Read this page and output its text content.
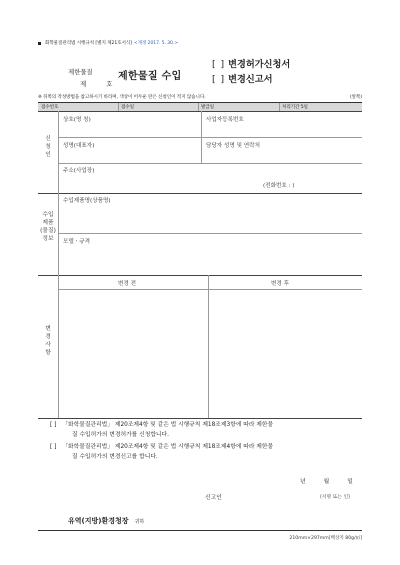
화학물질관리법 시행규칙 [별지 제21호서식] <개정 2017. 5. 30.>
제한물질
제 호
제한물질 수입
[ ] 변경허가신청서
[ ] 변경신고서
※ 뒤쪽의 작성방법을 참고하시기 바라며, 색상이 어두운 란은 신청인이 적지 않습니다.	(앞쪽)
접수번호	접수일	발급일	처리기간 5일
신
청
인
상호(명 칭)	사업자등록번호
성명(대표자)	담당자 성명 및 연락처
주소(사업장)
(전화번호 : )
수입
제품
(물질)
정보
수입제품명(상품명)
모델ㆍ규격
변
경
사
항
변경 전	변경 후
[ ] 「화학물질관리법」 제20조제4항 및 같은 법 시행규칙 제18조제3항에 따라 제한물
질 수입허가의 변경허가를 신청합니다.
[ ] 「화학물질관리법」 제20조제4항 및 같은 법 시행규칙 제18조제4항에 따라 제한물
질 수입허가의 변경신고를 합니다.
년	월	일
신고인	(서명 또는 인)
유역(지방)환경청장 귀하
210mm×297mm[백상지 80g/㎡]
